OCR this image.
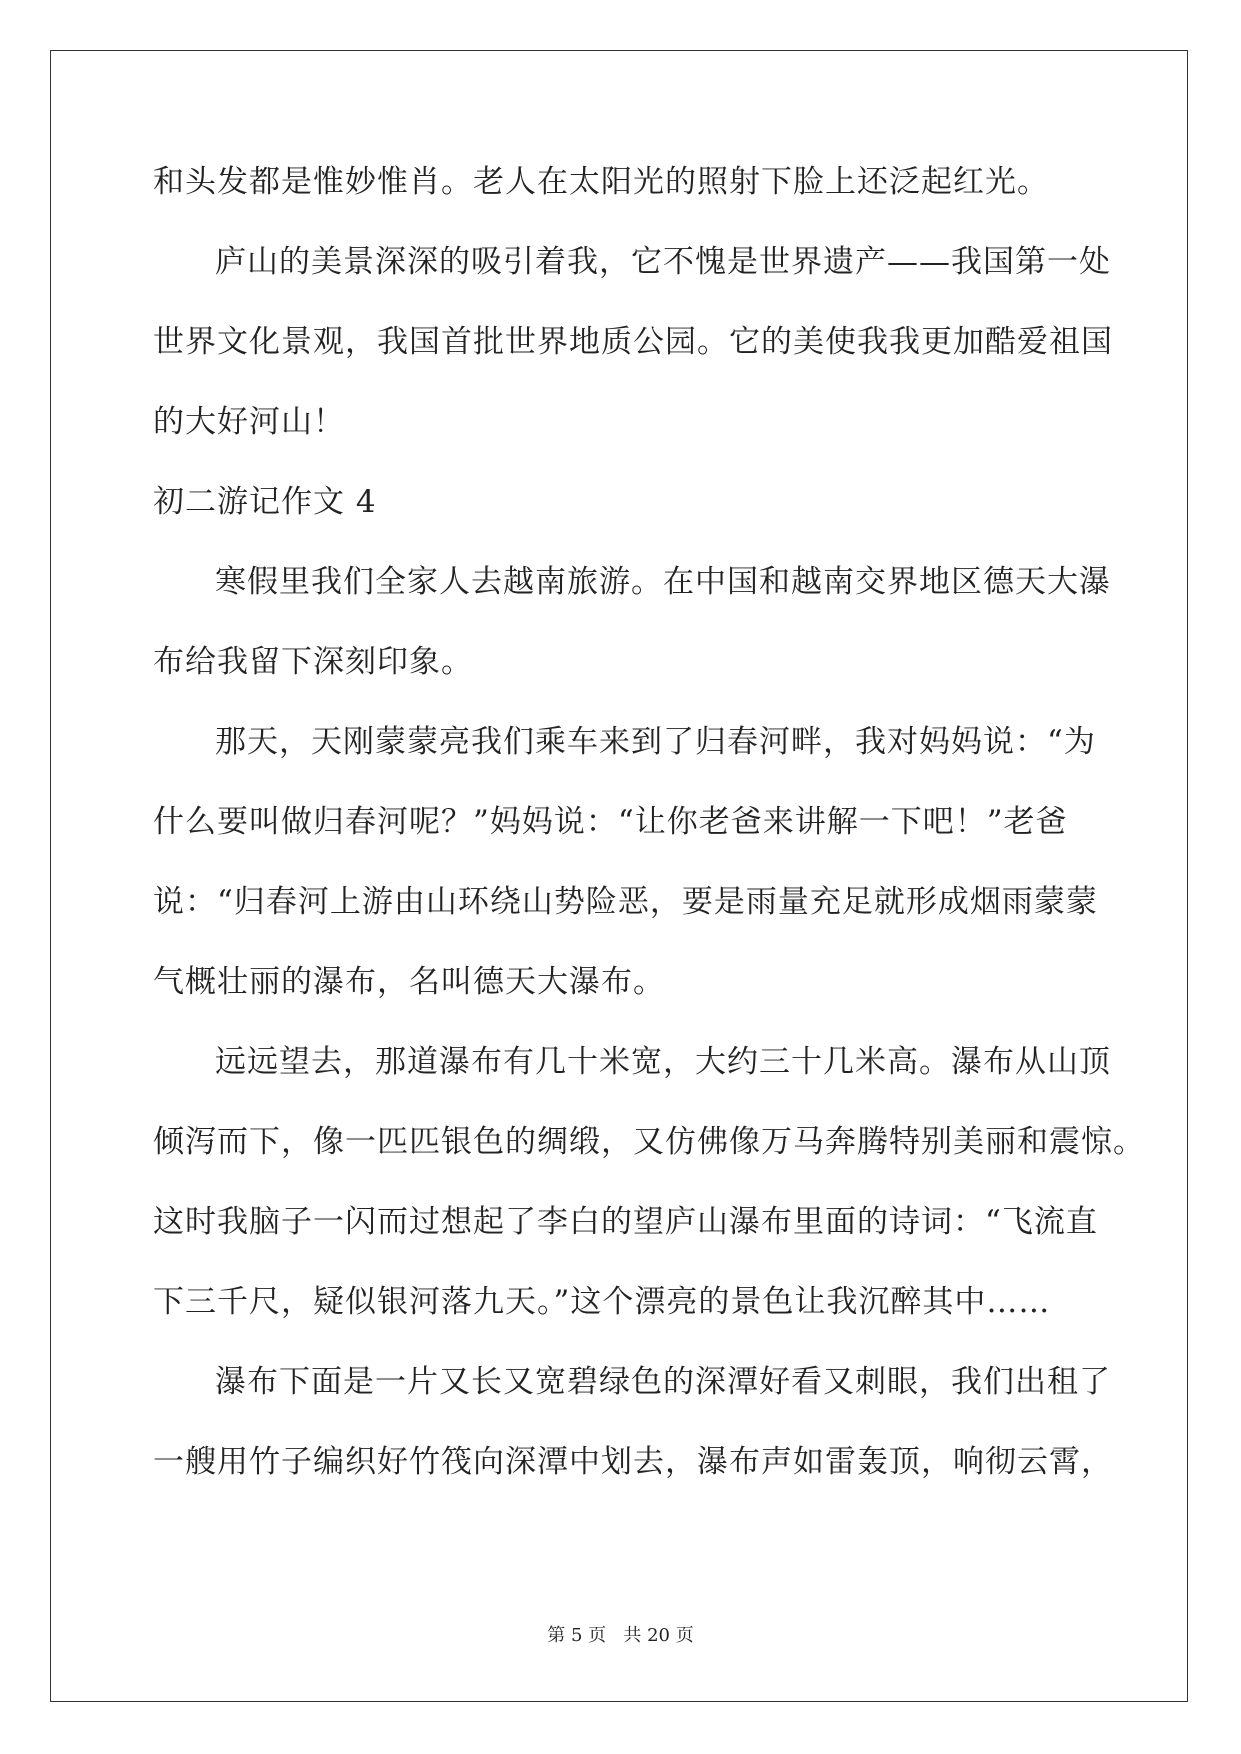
和头发都是惟妙惟肖。老人在太阳光的照射下脸上还泛起红光。
庐山的美景深深的吸引着我，它不愧是世界遗产——我国第一处
世界文化景观，我国首批世界地质公园。它的美使我我更加酷爱祖国
的大好河山！
初二游记作文 4
寒假里我们全家人去越南旅游。在中国和越南交界地区德天大瀑
布给我留下深刻印象。
那天，天刚蒙蒙亮我们乘车来到了归春河畔，我对妈妈说：“为
什么要叫做归春河呢？”妈妈说：“让你老爸来讲解一下吧！”老爸
说：“归春河上游由山环绕山势险恶，要是雨量充足就形成烟雨蒙蒙
气概壮丽的瀑布，名叫德天大瀑布。
远远望去，那道瀑布有几十米宽，大约三十几米高。瀑布从山顶
倾泻而下，像一匹匹银色的绸缎，又仿佛像万马奔腾特别美丽和震惊。
这时我脑子一闪而过想起了李白的望庐山瀑布里面的诗词：“飞流直
下三千尺，疑似银河落九天。”这个漂亮的景色让我沉醉其中……
瀑布下面是一片又长又宽碧绿色的深潭好看又刺眼，我们出租了
一艘用竹子编织好竹筏向深潭中划去，瀑布声如雷轰顶，响彻云霄，
第 5 页   共 20 页
